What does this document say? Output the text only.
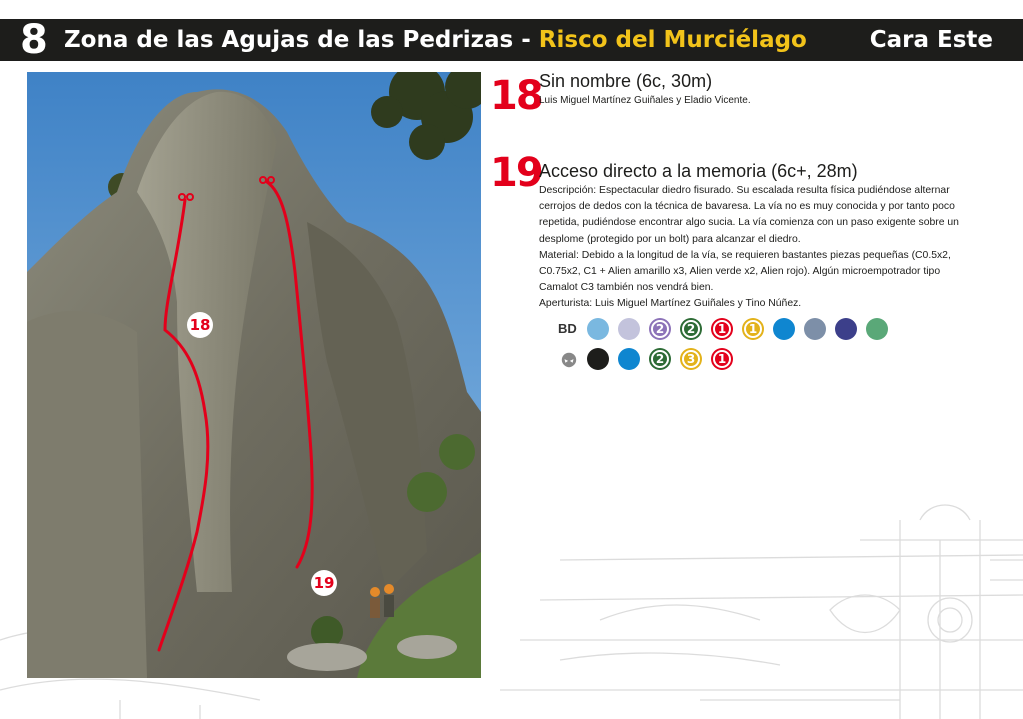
8 Zona de las Agujas de las Pedrizas - Risco del Murciélago	Cara Este
18
19
18
Sin nombre (6c, 30m)
Luis Miguel Martínez Guiñales y Eladio Vicente.
19
Acceso directo a la memoria (6c+, 28m)

Descripción: Espectacular diedro fisurado. Su escalada resulta física pudiéndose alternar cerrojos de dedos con la técnica de bavaresa. La vía no es muy conocida y por tanto poco repetida, pudiéndose encontrar algo sucia. La vía comienza con un paso exigente sobre un desplome (protegido por un bolt) para alcanzar el diedro.

Material: Debido a la longitud de la vía, se requieren bastantes piezas pequeñas (C0.5x2, C0.75x2, C1 + Alien amarillo x3, Alien verde x2, Alien rojo). Algún microempotrador tipo Camalot C3 también nos vendrá bien.

Aperturista: Luis Miguel Martínez Guiñales y Tino Núñez.

BD	2	2	1	1
2	3	1
